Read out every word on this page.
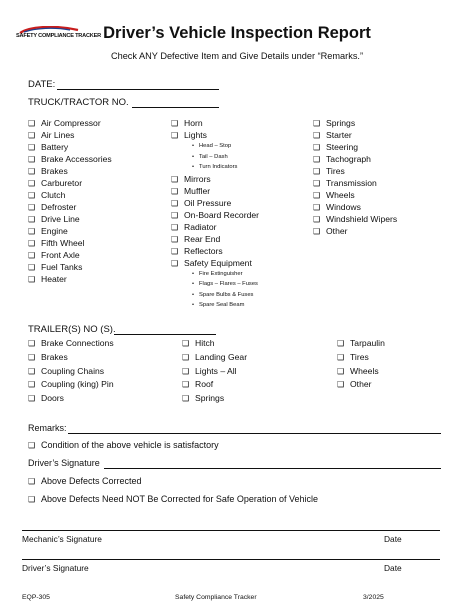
SAFETY COMPLIANCE TRACKER Driver’s Vehicle Inspection Report
Check ANY Defective Item and Give Details under “Remarks.”
DATE:
TRUCK/TRACTOR NO.
❑ Air Compressor
❑ Air Lines
❑ Battery
❑ Brake Accessories
❑ Brakes
❑ Carburetor
❑ Clutch
❑ Defroster
❑ Drive Line
❑ Engine
❑ Fifth Wheel
❑ Front Axle
❑ Fuel Tanks
❑ Heater
❑ Horn
❑ Lights
• Head – Stop
• Tail – Dash
• Turn Indicators
❑ Mirrors
❑ Muffler
❑ Oil Pressure
❑ On-Board Recorder
❑ Radiator
❑ Rear End
❑ Reflectors
❑ Safety Equipment
• Fire Extinguisher
• Flags – Flares – Fuses
• Spare Bulbs & Fuses
• Spare Seal Beam
❑ Springs
❑ Starter
❑ Steering
❑ Tachograph
❑ Tires
❑ Transmission
❑ Wheels
❑ Windows
❑ Windshield Wipers
❑ Other
TRAILER(S) NO (S).
❑ Brake Connections
❑ Brakes
❑ Coupling Chains
❑ Coupling (king) Pin
❑ Doors
❑ Hitch
❑ Landing Gear
❑ Lights – All
❑ Roof
❑ Springs
❑ Tarpaulin
❑ Tires
❑ Wheels
❑ Other
Remarks:
❑ Condition of the above vehicle is satisfactory
Driver’s Signature
❑ Above Defects Corrected
❑ Above Defects Need NOT Be Corrected for Safe Operation of Vehicle
Mechanic’s Signature	Date
Driver’s Signature	Date
EQP-305	Safety Compliance Tracker	3/2025
